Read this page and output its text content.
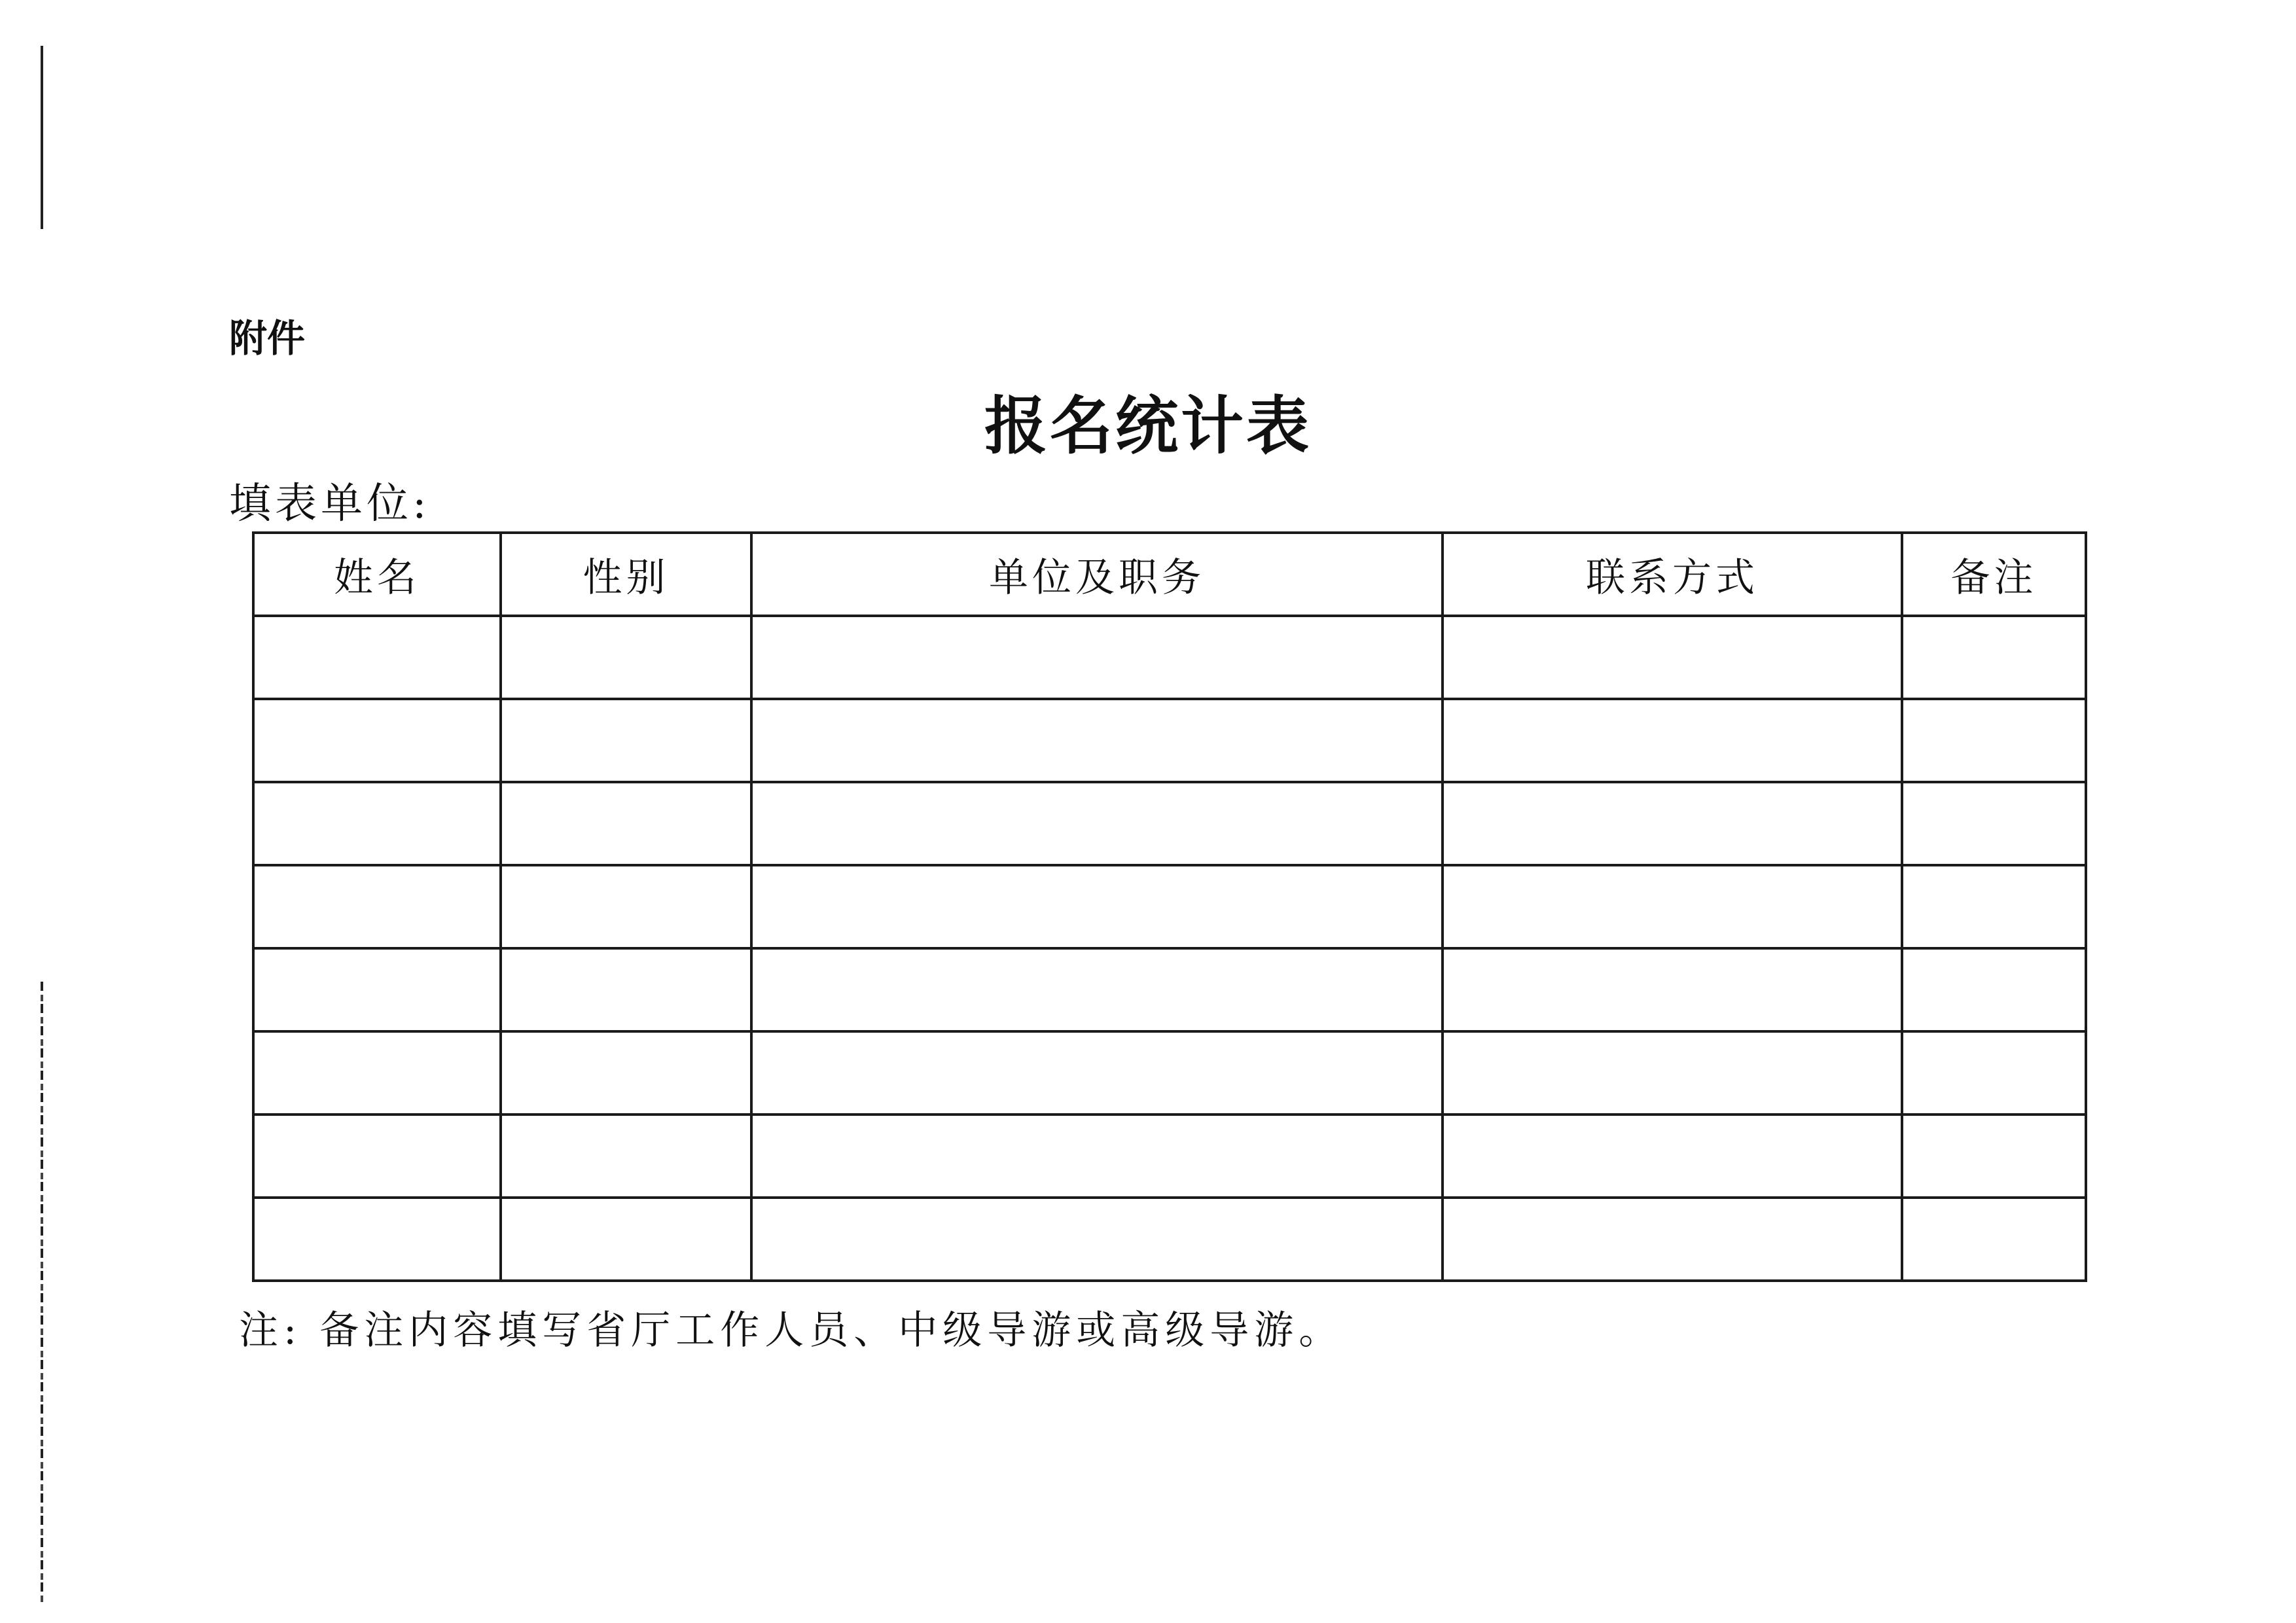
附件
报名统计表
填表单位:
姓名	性别	单位及职务	联系方式	备注

注: 备注内容填写省厅工作人员、中级导游或高级导游。
